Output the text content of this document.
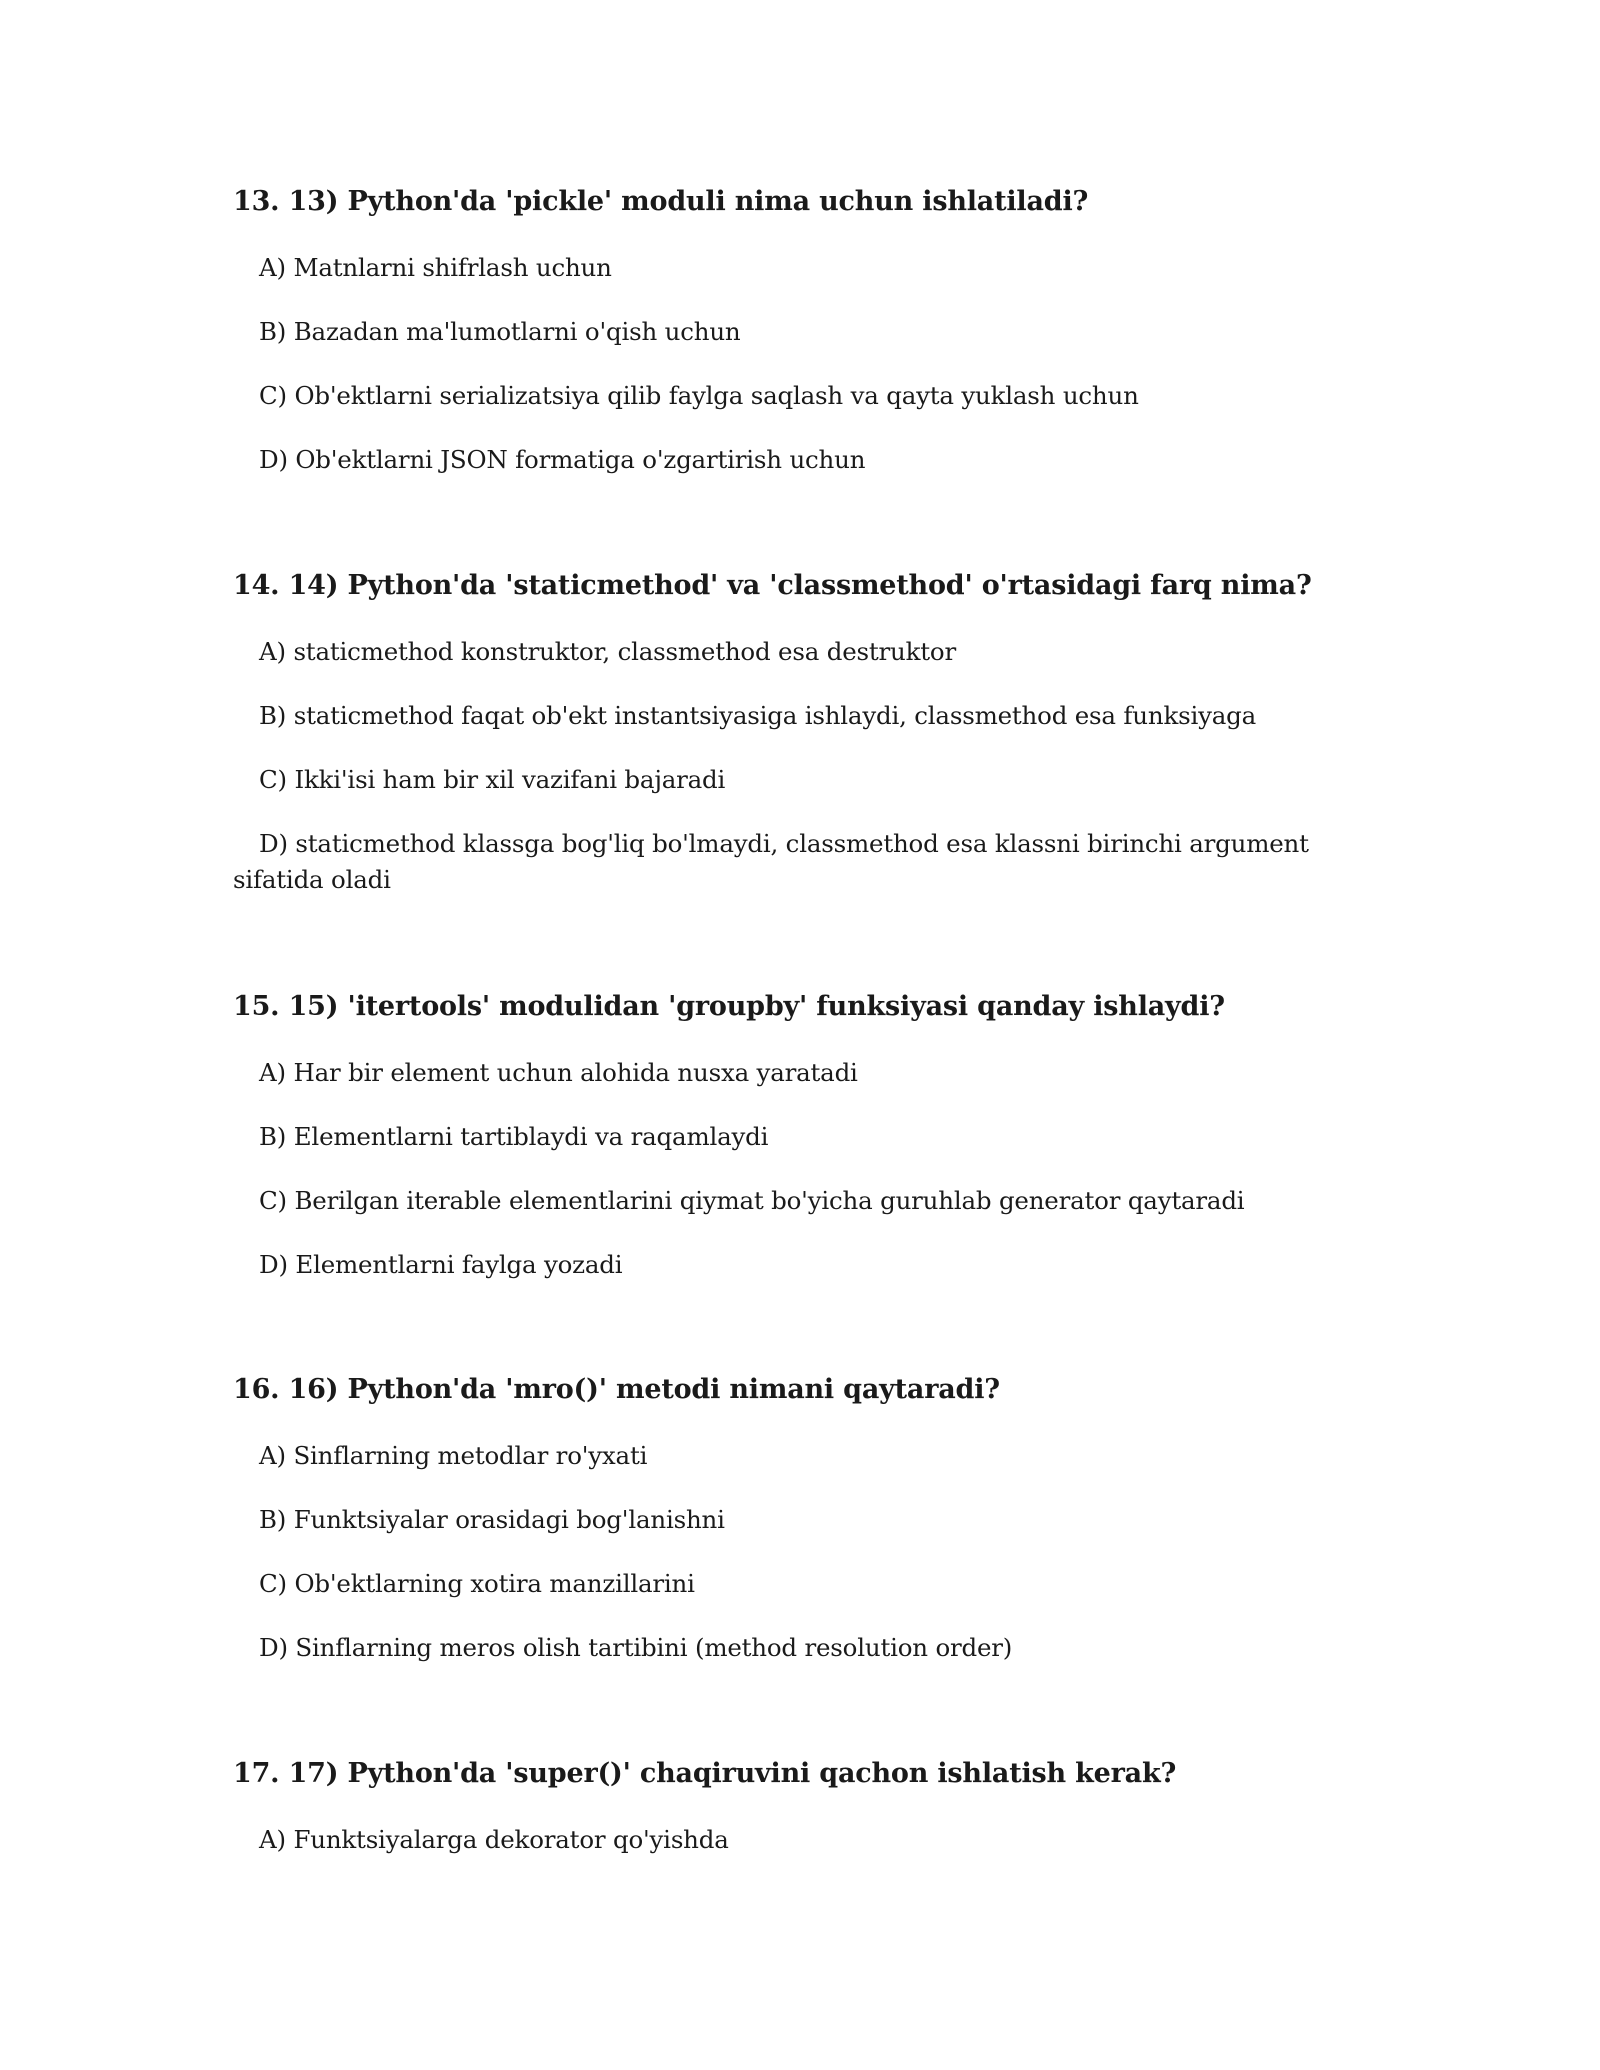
13. 13) Python'da 'pickle' moduli nima uchun ishlatiladi?
A) Matnlarni shifrlash uchun
B) Bazadan ma'lumotlarni o'qish uchun
C) Ob'ektlarni serializatsiya qilib faylga saqlash va qayta yuklash uchun
D) Ob'ektlarni JSON formatiga o'zgartirish uchun
14. 14) Python'da 'staticmethod' va 'classmethod' o'rtasidagi farq nima?
A) staticmethod konstruktor, classmethod esa destruktor
B) staticmethod faqat ob'ekt instantsiyasiga ishlaydi, classmethod esa funksiyaga
C) Ikki'isi ham bir xil vazifani bajaradi
D) staticmethod klassga bog'liq bo'lmaydi, classmethod esa klassni birinchi argument sifatida oladi
15. 15) 'itertools' modulidan 'groupby' funksiyasi qanday ishlaydi?
A) Har bir element uchun alohida nusxa yaratadi
B) Elementlarni tartiblaydi va raqamlaydi
C) Berilgan iterable elementlarini qiymat bo'yicha guruhlab generator qaytaradi
D) Elementlarni faylga yozadi
16. 16) Python'da 'mro()' metodi nimani qaytaradi?
A) Sinflarning metodlar ro'yxati
B) Funktsiyalar orasidagi bog'lanishni
C) Ob'ektlarning xotira manzillarini
D) Sinflarning meros olish tartibini (method resolution order)
17. 17) Python'da 'super()' chaqiruvini qachon ishlatish kerak?
A) Funktsiyalarga dekorator qo'yishda
